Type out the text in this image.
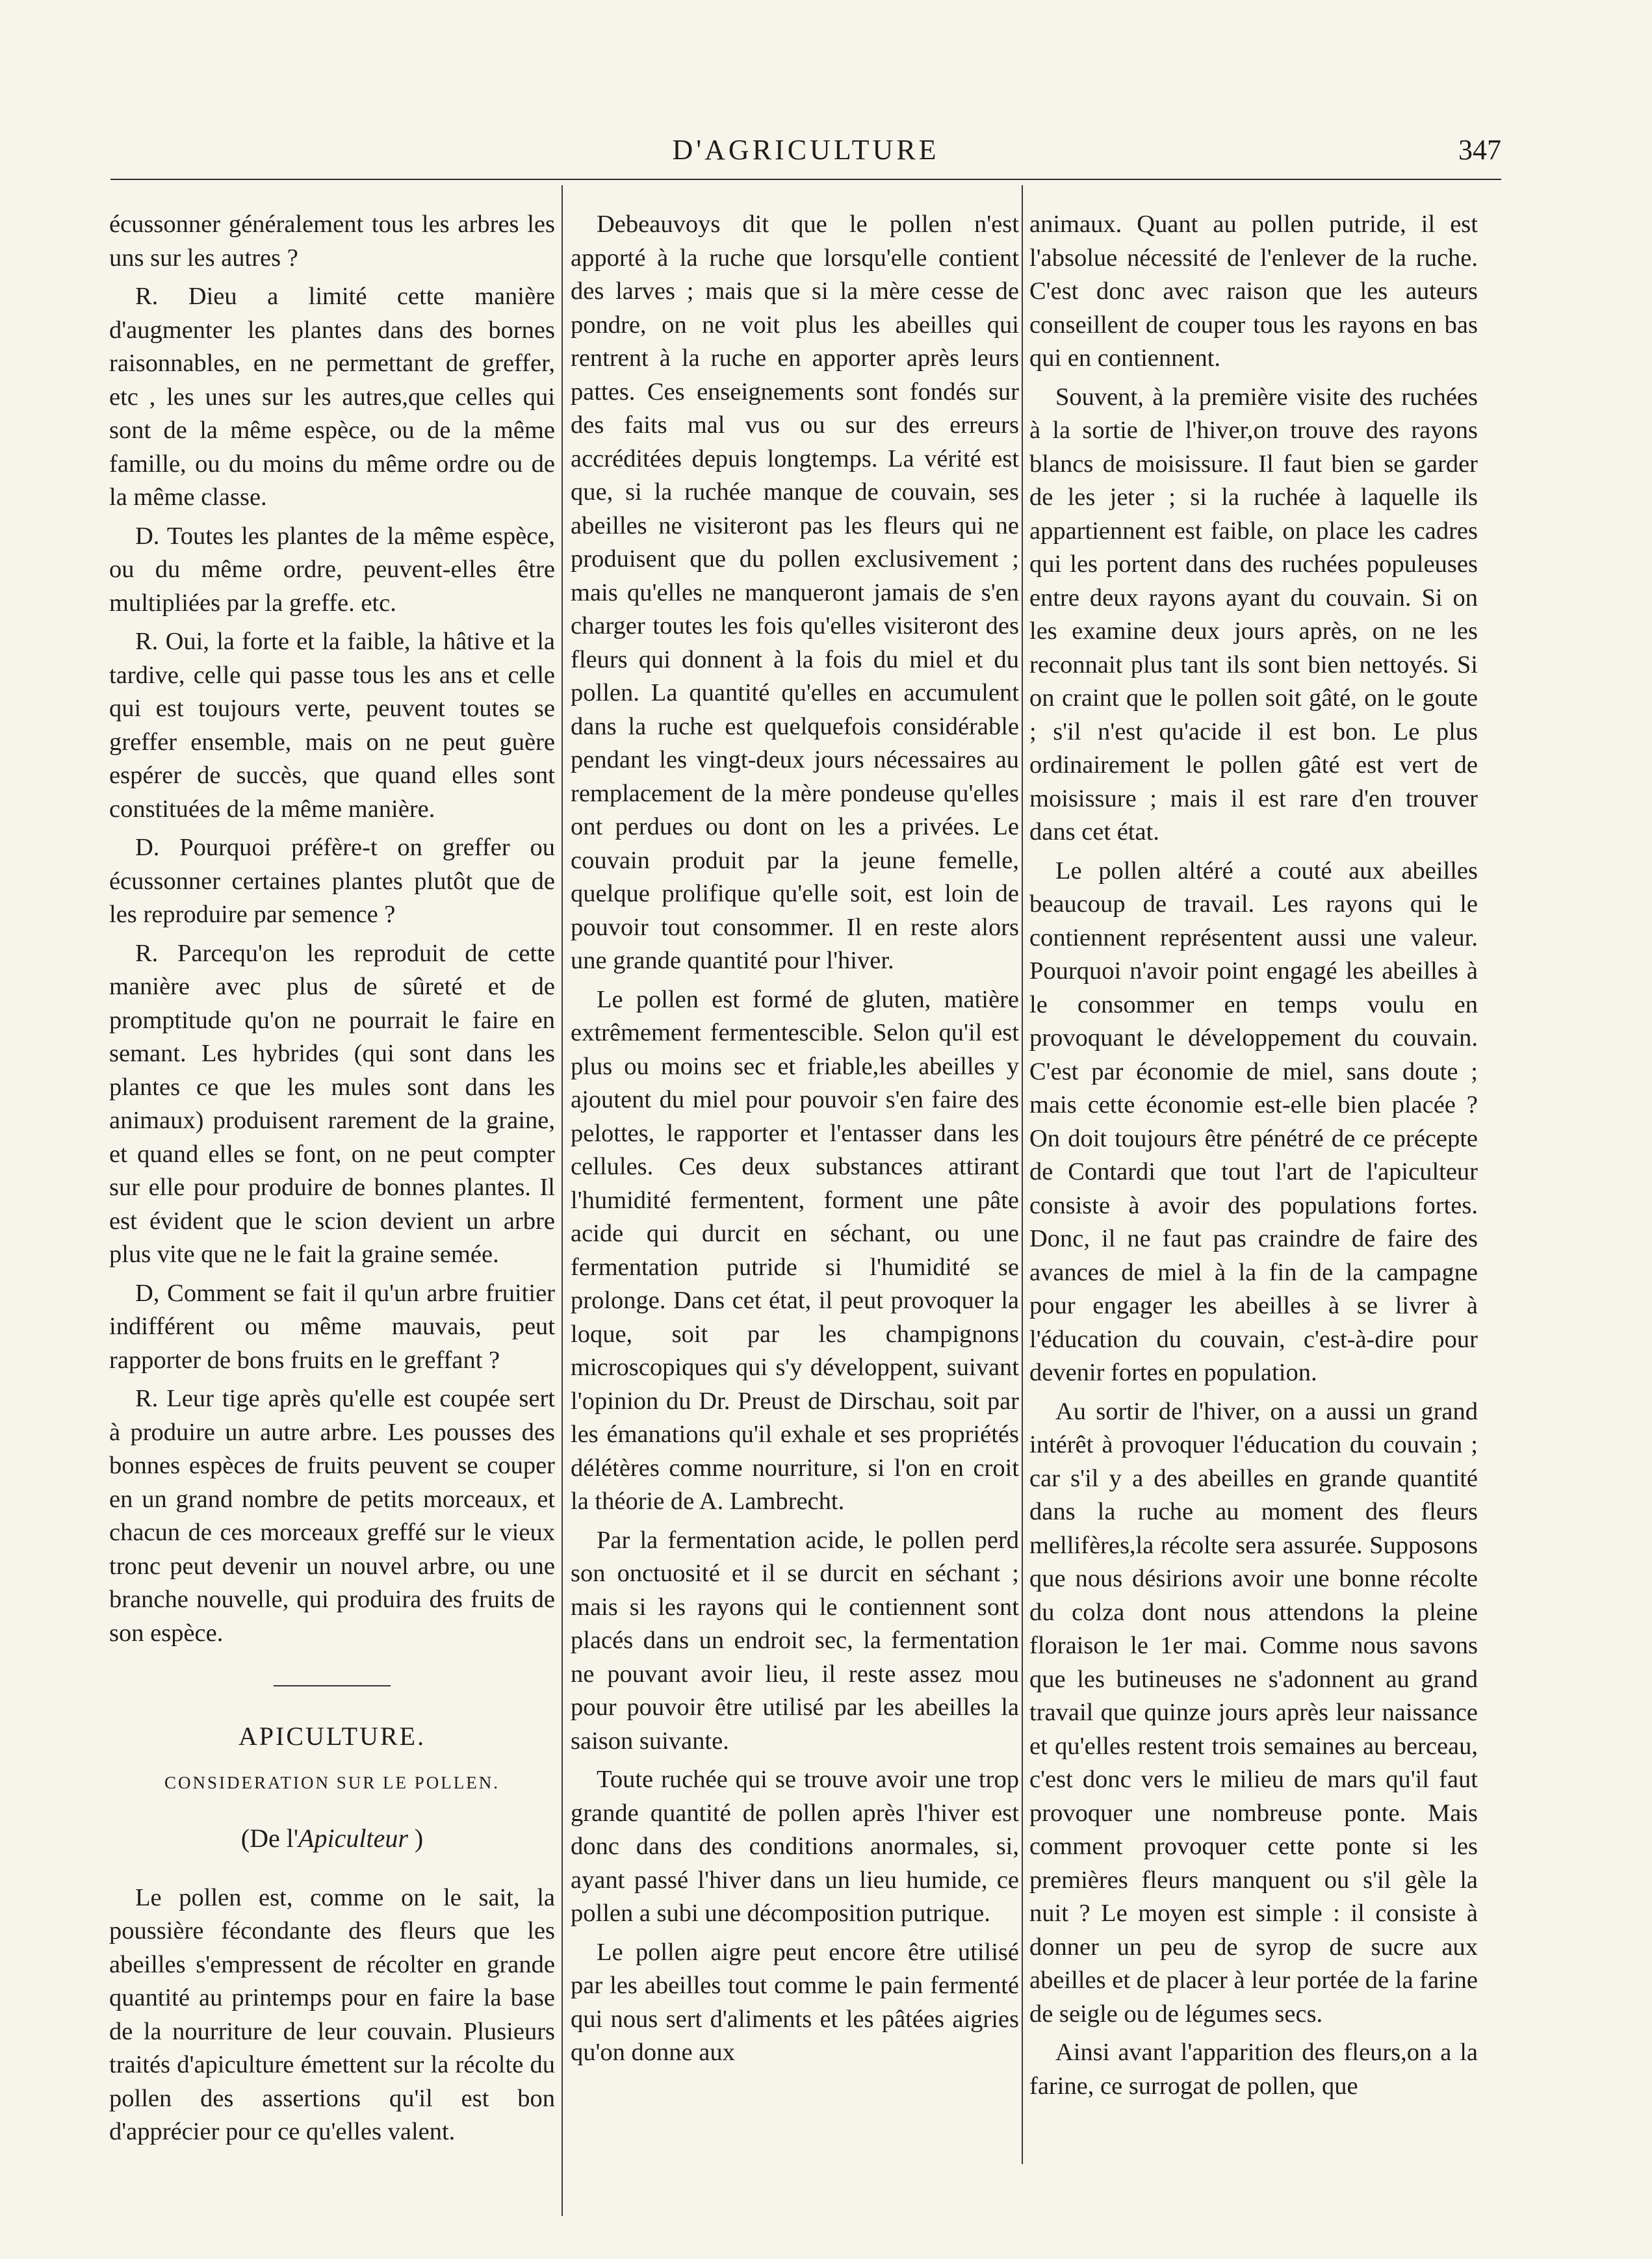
D'AGRICULTURE	347

écussonner généralement tous les arbres les uns sur les autres ?

R. Dieu a limité cette manière d'augmenter les plantes dans des bornes raisonnables, en ne permettant de greffer, etc , les unes sur les autres,que celles qui sont de la même espèce, ou de la même famille, ou du moins du même ordre ou de la même classe.

D. Toutes les plantes de la même espèce, ou du même ordre, peuvent-elles être multipliées par la greffe. etc.

R. Oui, la forte et la faible, la hâtive et la tardive, celle qui passe tous les ans et celle qui est toujours verte, peuvent toutes se greffer ensemble, mais on ne peut guère espérer de succès, que quand elles sont constituées de la même manière.

D. Pourquoi préfère-t on greffer ou écussonner certaines plantes plutôt que de les reproduire par semence ?

R. Parcequ'on les reproduit de cette manière avec plus de sûreté et de promptitude qu'on ne pourrait le faire en semant. Les hybrides (qui sont dans les plantes ce que les mules sont dans les animaux) produisent rarement de la graine, et quand elles se font, on ne peut compter sur elle pour produire de bonnes plantes. Il est évident que le scion devient un arbre plus vite que ne le fait la graine semée.

D, Comment se fait il qu'un arbre fruitier indifférent ou même mauvais, peut rapporter de bons fruits en le greffant ?

R. Leur tige après qu'elle est coupée sert à produire un autre arbre. Les pousses des bonnes espèces de fruits peuvent se couper en un grand nombre de petits morceaux, et chacun de ces morceaux greffé sur le vieux tronc peut devenir un nouvel arbre, ou une branche nouvelle, qui produira des fruits de son espèce.

APICULTURE.
CONSIDERATION SUR LE POLLEN.
(De l'Apiculteur )

Le pollen est, comme on le sait, la poussière fécondante des fleurs que les abeilles s'empressent de récolter en grande quantité au printemps pour en faire la base de la nourriture de leur couvain. Plusieurs traités d'apiculture émettent sur la récolte du pollen des assertions qu'il est bon d'apprécier pour ce qu'elles valent.

Debeauvoys dit que le pollen n'est apporté à la ruche que lorsqu'elle contient des larves ; mais que si la mère cesse de pondre, on ne voit plus les abeilles qui rentrent à la ruche en apporter après leurs pattes. Ces enseignements sont fondés sur des faits mal vus ou sur des erreurs accréditées depuis longtemps. La vérité est que, si la ruchée manque de couvain, ses abeilles ne visiteront pas les fleurs qui ne produisent que du pollen exclusivement ; mais qu'elles ne manqueront jamais de s'en charger toutes les fois qu'elles visiteront des fleurs qui donnent à la fois du miel et du pollen. La quantité qu'elles en accumulent dans la ruche est quelquefois considérable pendant les vingt-deux jours nécessaires au remplacement de la mère pondeuse qu'elles ont perdues ou dont on les a privées. Le couvain produit par la jeune femelle, quelque prolifique qu'elle soit, est loin de pouvoir tout consommer. Il en reste alors une grande quantité pour l'hiver.

Le pollen est formé de gluten, matière extrêmement fermentescible. Selon qu'il est plus ou moins sec et friable,les abeilles y ajoutent du miel pour pouvoir s'en faire des pelottes, le rapporter et l'entasser dans les cellules. Ces deux substances attirant l'humidité fermentent, forment une pâte acide qui durcit en séchant, ou une fermentation putride si l'humidité se prolonge. Dans cet état, il peut provoquer la loque, soit par les champignons microscopiques qui s'y développent, suivant l'opinion du Dr. Preust de Dirschau, soit par les émanations qu'il exhale et ses propriétés délétères comme nourriture, si l'on en croit la théorie de A. Lambrecht.

Par la fermentation acide, le pollen perd son onctuosité et il se durcit en séchant ; mais si les rayons qui le contiennent sont placés dans un endroit sec, la fermentation ne pouvant avoir lieu, il reste assez mou pour pouvoir être utilisé par les abeilles la saison suivante.

Toute ruchée qui se trouve avoir une trop grande quantité de pollen après l'hiver est donc dans des conditions anormales, si, ayant passé l'hiver dans un lieu humide, ce pollen a subi une décomposition putrique.

Le pollen aigre peut encore être utilisé par les abeilles tout comme le pain fermenté qui nous sert d'aliments et les pâtées aigries qu'on donne aux

animaux. Quant au pollen putride, il est l'absolue nécessité de l'enlever de la ruche. C'est donc avec raison que les auteurs conseillent de couper tous les rayons en bas qui en contiennent.

Souvent, à la première visite des ruchées à la sortie de l'hiver,on trouve des rayons blancs de moisissure. Il faut bien se garder de les jeter ; si la ruchée à laquelle ils appartiennent est faible, on place les cadres qui les portent dans des ruchées populeuses entre deux rayons ayant du couvain. Si on les examine deux jours après, on ne les reconnait plus tant ils sont bien nettoyés. Si on craint que le pollen soit gâté, on le goute ; s'il n'est qu'acide il est bon. Le plus ordinairement le pollen gâté est vert de moisissure ; mais il est rare d'en trouver dans cet état.

Le pollen altéré a couté aux abeilles beaucoup de travail. Les rayons qui le contiennent représentent aussi une valeur. Pourquoi n'avoir point engagé les abeilles à le consommer en temps voulu en provoquant le développement du couvain. C'est par économie de miel, sans doute ; mais cette économie est-elle bien placée ? On doit toujours être pénétré de ce précepte de Contardi que tout l'art de l'apiculteur consiste à avoir des populations fortes. Donc, il ne faut pas craindre de faire des avances de miel à la fin de la campagne pour engager les abeilles à se livrer à l'éducation du couvain, c'est-à-dire pour devenir fortes en population.

Au sortir de l'hiver, on a aussi un grand intérêt à provoquer l'éducation du couvain ; car s'il y a des abeilles en grande quantité dans la ruche au moment des fleurs mellifères,la récolte sera assurée. Supposons que nous désirions avoir une bonne récolte du colza dont nous attendons la pleine floraison le 1er mai. Comme nous savons que les butineuses ne s'adonnent au grand travail que quinze jours après leur naissance et qu'elles restent trois semaines au berceau, c'est donc vers le milieu de mars qu'il faut provoquer une nombreuse ponte. Mais comment provoquer cette ponte si les premières fleurs manquent ou s'il gèle la nuit ? Le moyen est simple : il consiste à donner un peu de syrop de sucre aux abeilles et de placer à leur portée de la farine de seigle ou de légumes secs.

Ainsi avant l'apparition des fleurs,on a la farine, ce surrogat de pollen, que
